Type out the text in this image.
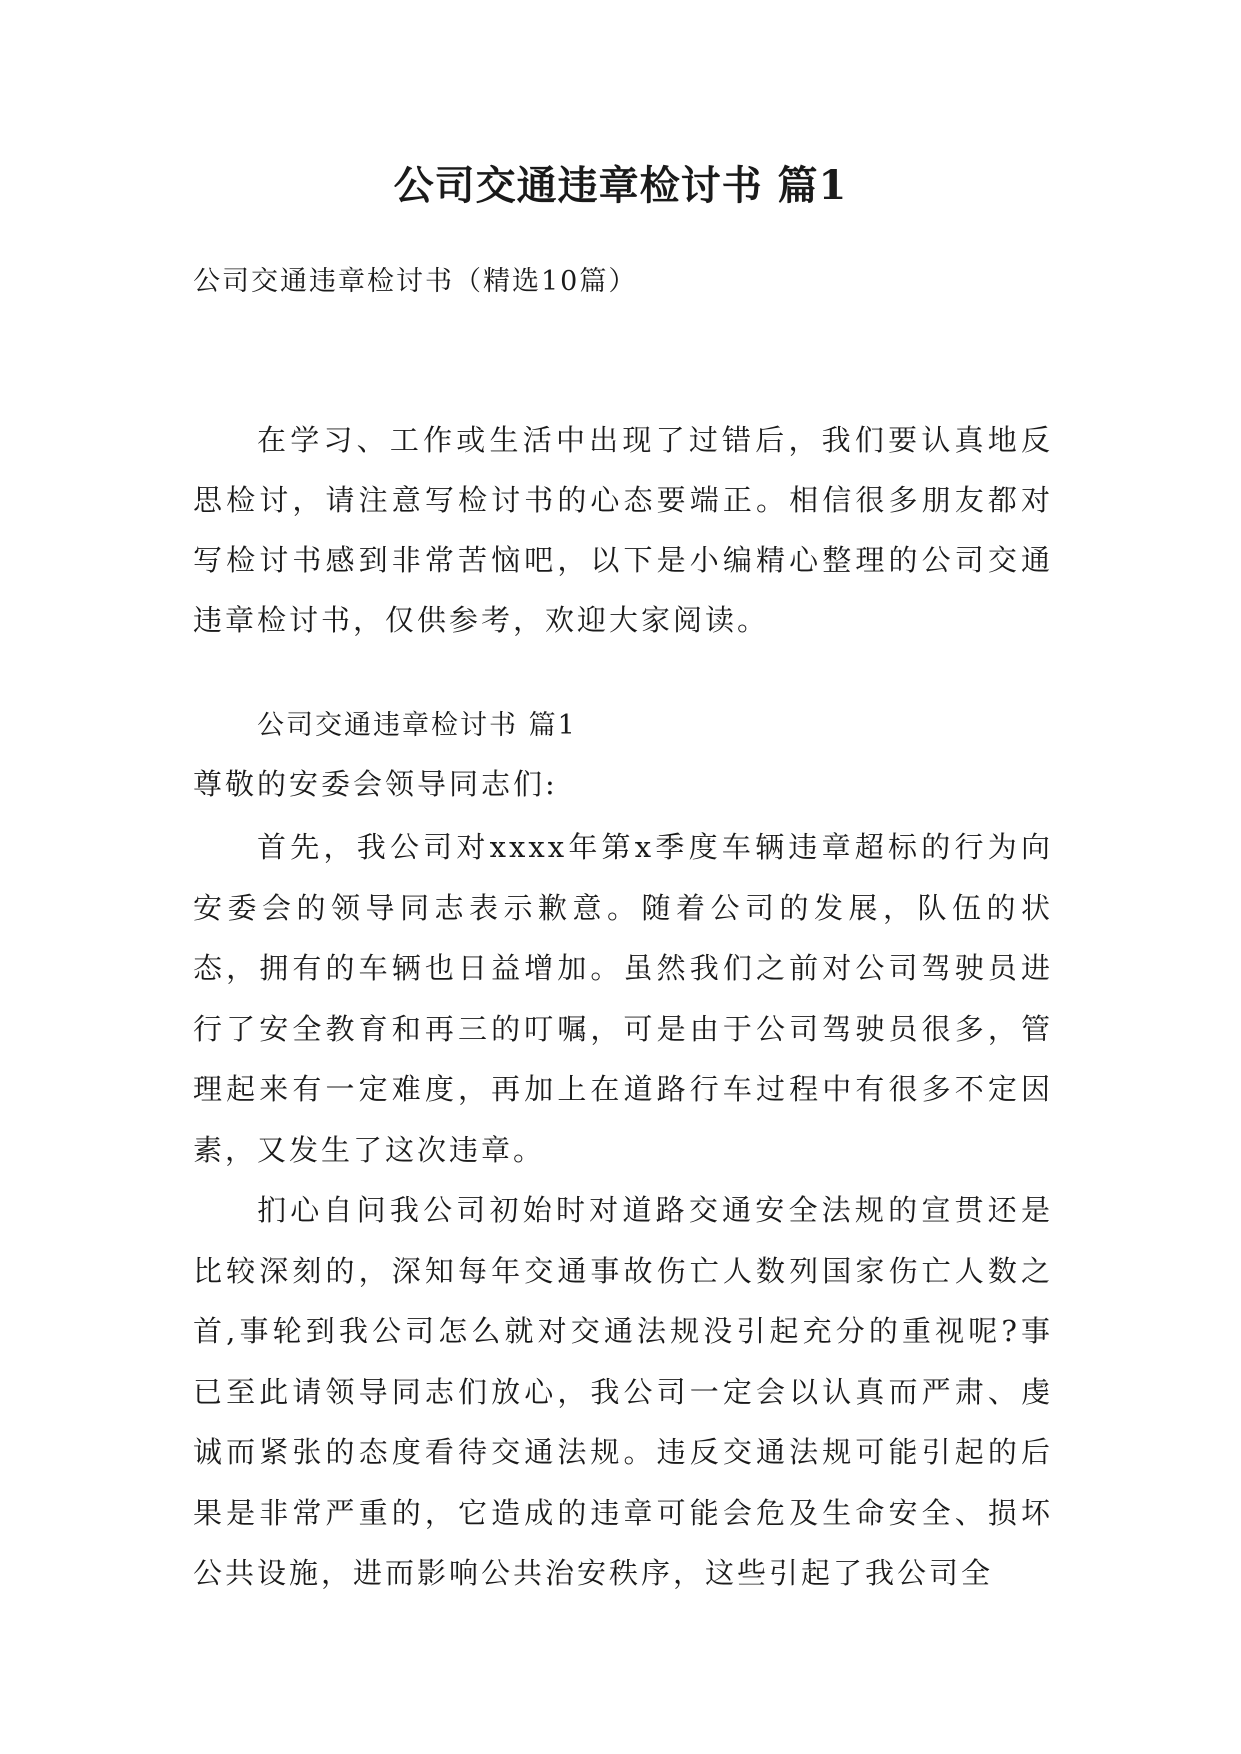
公司交通违章检讨书 篇1

公司交通违章检讨书（精选10篇）

在学习、工作或生活中出现了过错后，我们要认真地反思检讨，请注意写检讨书的心态要端正。相信很多朋友都对写检讨书感到非常苦恼吧，以下是小编精心整理的公司交通违章检讨书，仅供参考，欢迎大家阅读。

公司交通违章检讨书 篇1

尊敬的安委会领导同志们:

首先，我公司对xxxx年第x季度车辆违章超标的行为向安委会的领导同志表示歉意。随着公司的发展，队伍的状态，拥有的车辆也日益增加。虽然我们之前对公司驾驶员进行了安全教育和再三的叮嘱，可是由于公司驾驶员很多，管理起来有一定难度，再加上在道路行车过程中有很多不定因素，又发生了这次违章。

扪心自问我公司初始时对道路交通安全法规的宣贯还是比较深刻的，深知每年交通事故伤亡人数列国家伤亡人数之首,事轮到我公司怎么就对交通法规没引起充分的重视呢?事已至此请领导同志们放心，我公司一定会以认真而严肃、虔诚而紧张的态度看待交通法规。违反交通法规可能引起的后果是非常严重的，它造成的违章可能会危及生命安全、损坏公共设施，进而影响公共治安秩序，这些引起了我公司全
